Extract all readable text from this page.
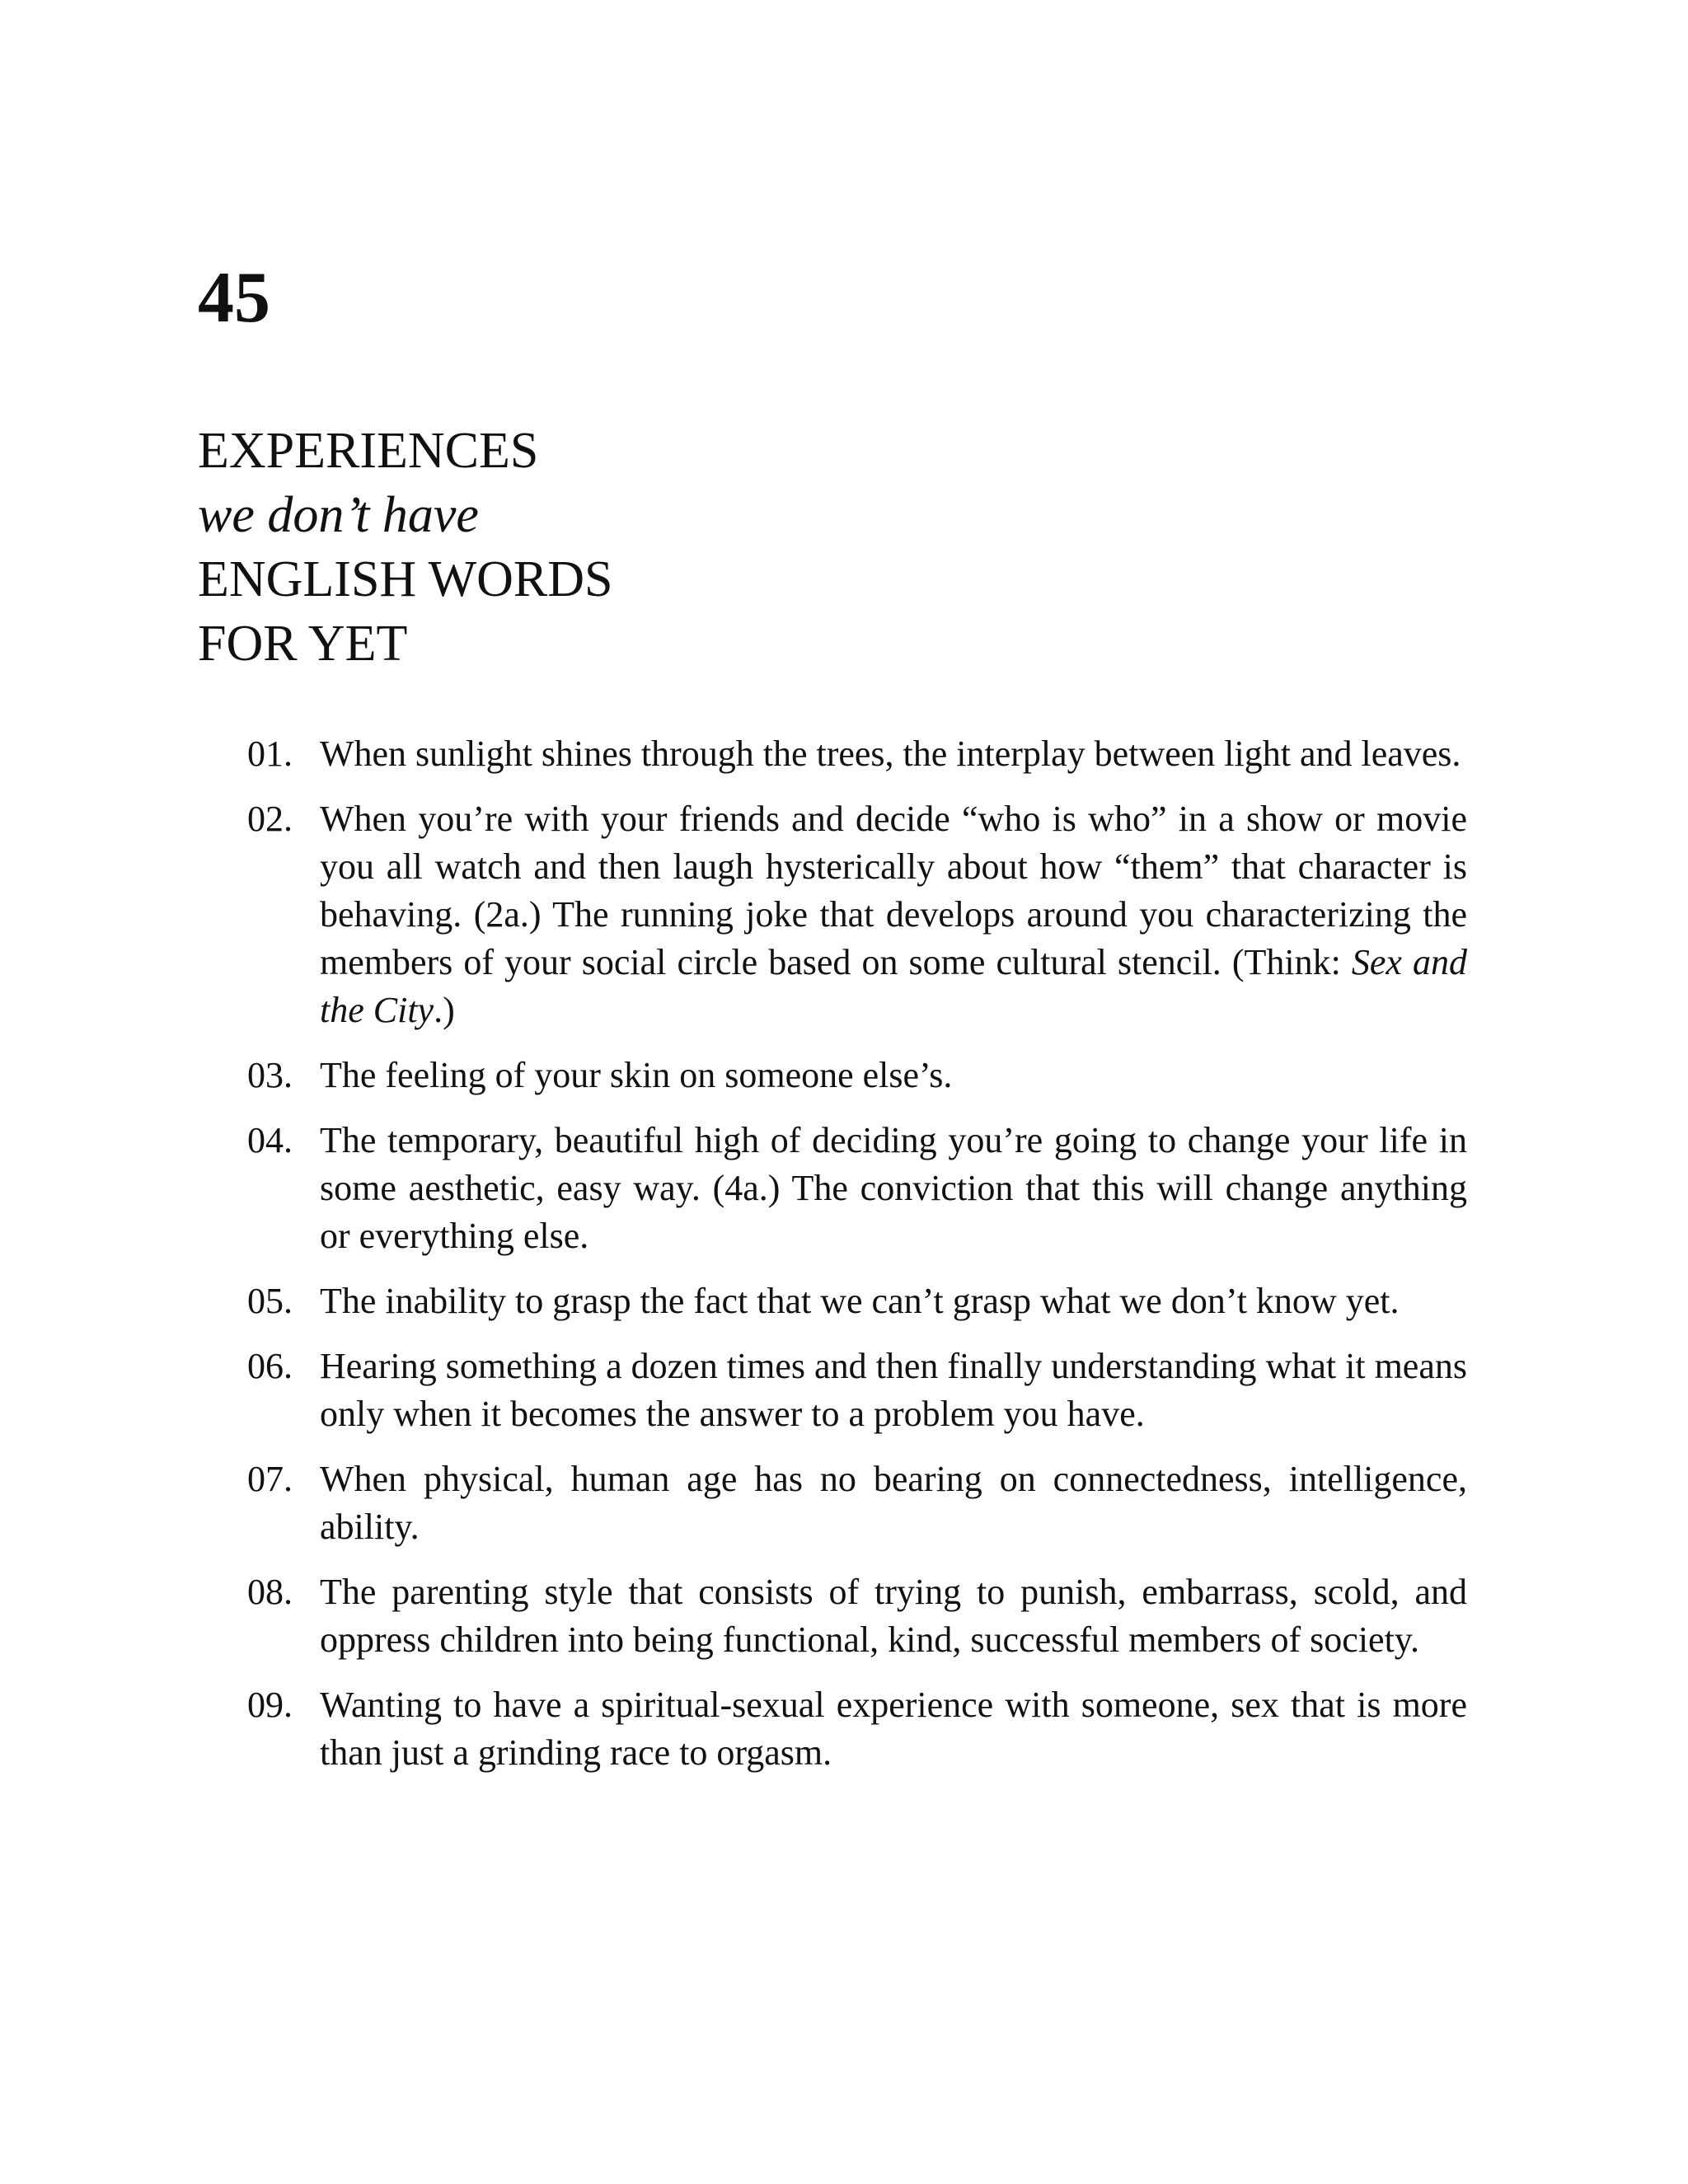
45
EXPERIENCES
we don’t have
ENGLISH WORDS
FOR YET
01. When sunlight shines through the trees, the interplay between light and leaves.
02. When you’re with your friends and decide “who is who” in a show or movie you all watch and then laugh hysterically about how “them” that character is behaving. (2a.) The running joke that develops around you characterizing the members of your social circle based on some cultural stencil. (Think: Sex and the City.)
03. The feeling of your skin on someone else’s.
04. The temporary, beautiful high of deciding you’re going to change your life in some aesthetic, easy way. (4a.) The conviction that this will change anything or everything else.
05. The inability to grasp the fact that we can’t grasp what we don’t know yet.
06. Hearing something a dozen times and then finally understanding what it means only when it becomes the answer to a problem you have.
07. When physical, human age has no bearing on connectedness, intelligence, ability.
08. The parenting style that consists of trying to punish, embarrass, scold, and oppress children into being functional, kind, successful members of society.
09. Wanting to have a spiritual-sexual experience with someone, sex that is more than just a grinding race to orgasm.
